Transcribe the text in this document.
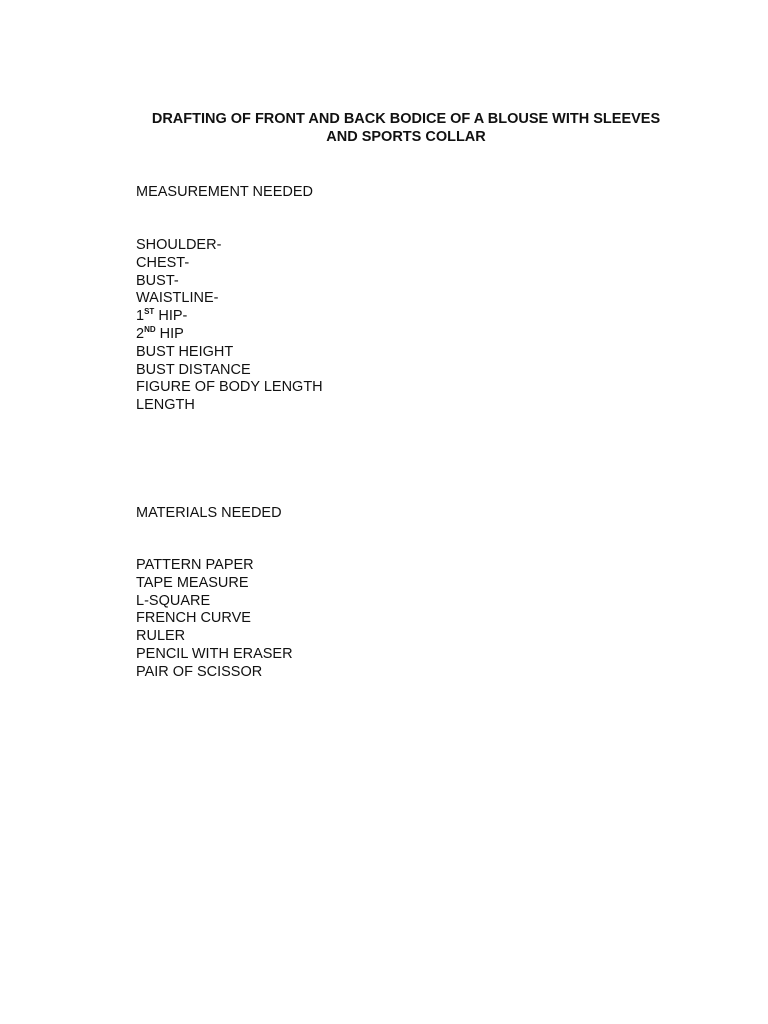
DRAFTING OF FRONT AND BACK BODICE OF A BLOUSE WITH SLEEVES
AND SPORTS COLLAR
MEASUREMENT NEEDED
SHOULDER-
CHEST-
BUST-
WAISTLINE-
1ST HIP-
2ND HIP
BUST HEIGHT
BUST DISTANCE
FIGURE OF BODY LENGTH
LENGTH
MATERIALS NEEDED
PATTERN PAPER
TAPE MEASURE
L-SQUARE
FRENCH CURVE
RULER
PENCIL WITH ERASER
PAIR OF SCISSOR
